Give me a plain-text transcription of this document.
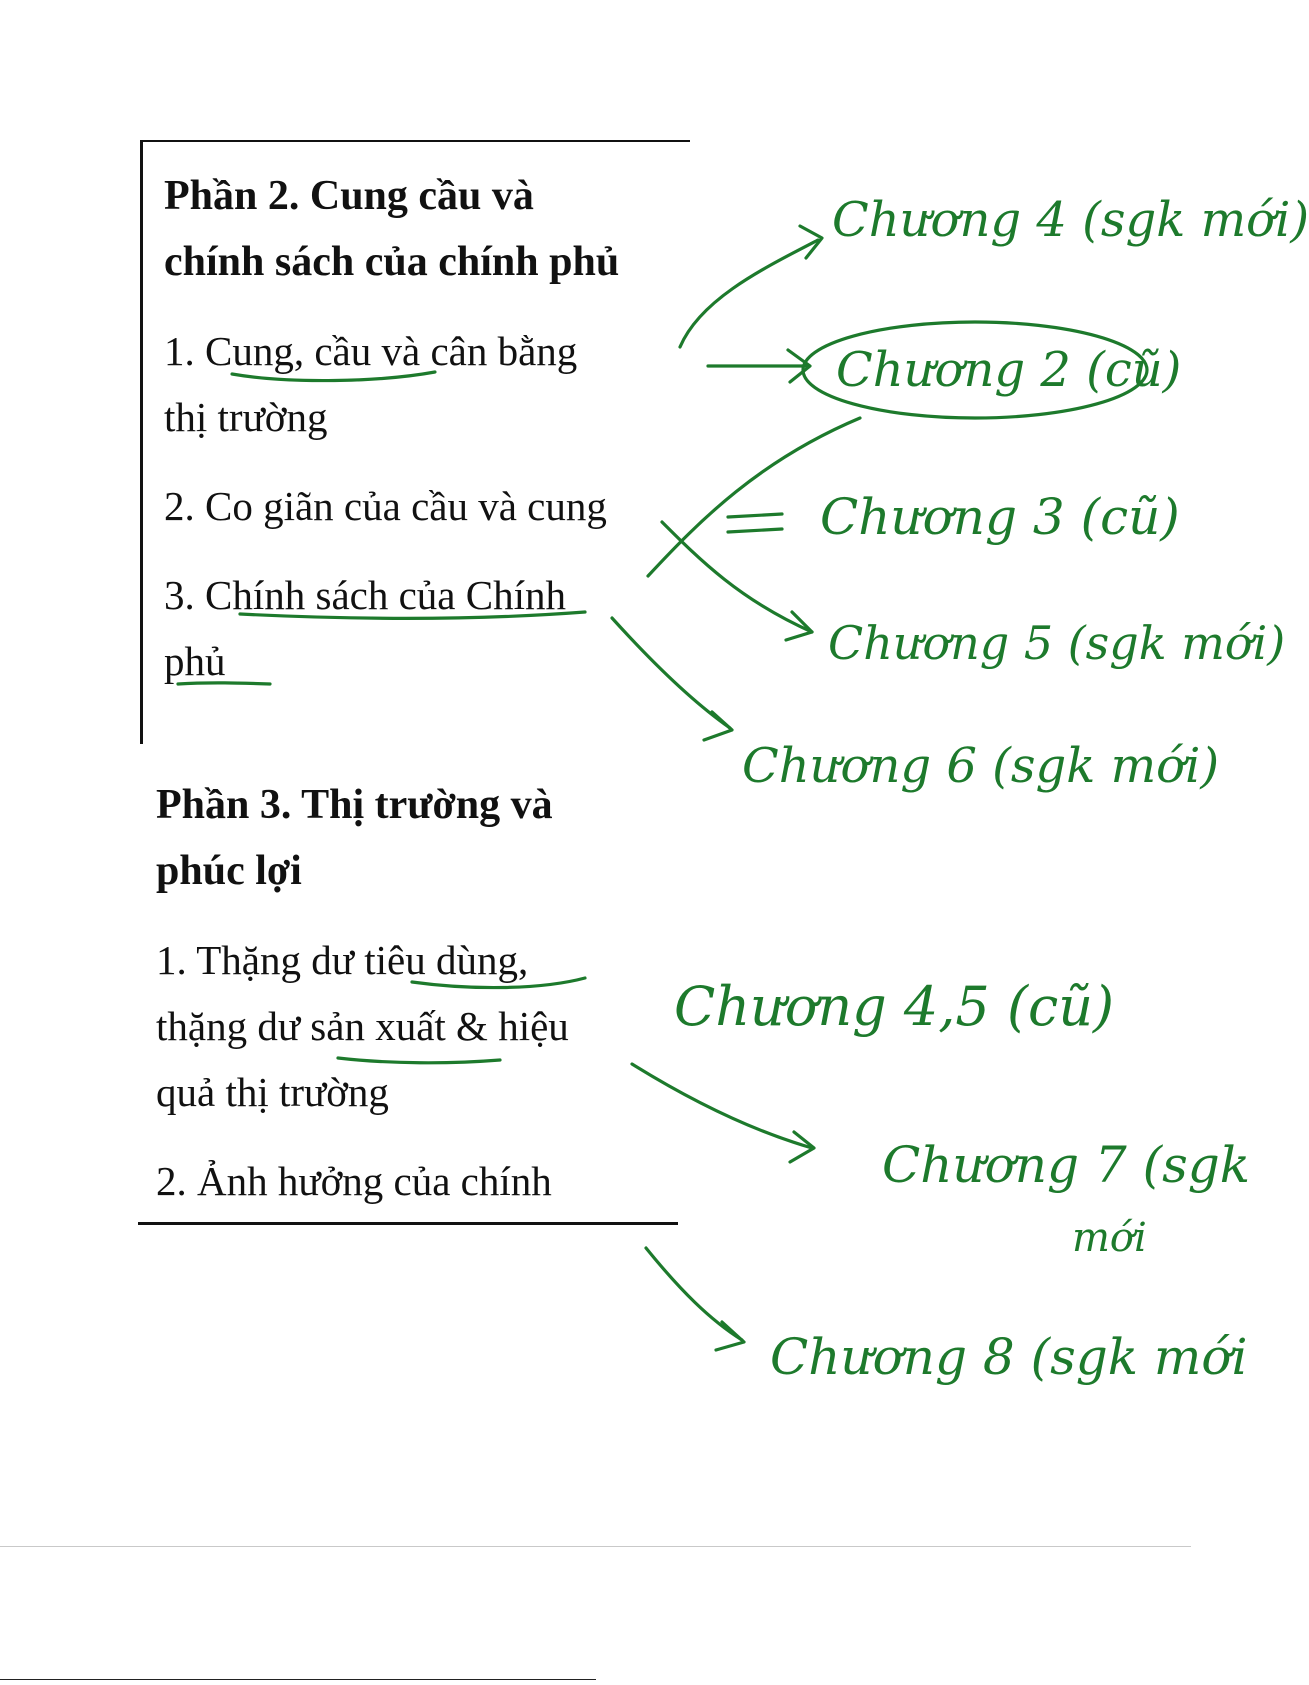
Phần 2. Cung cầu và
chính sách của chính phủ
1. Cung, cầu và cân bằng
thị trường
2. Co giãn của cầu và cung
3. Chính sách của Chính
phủ
Phần 3. Thị trường và
phúc lợi
1. Thặng dư tiêu dùng,
thặng dư sản xuất & hiệu
quả thị trường
2. Ảnh hưởng của chính
Chương 4 (sgk mới)
Chương 2 (cũ)
Chương 3 (cũ)
Chương 5 (sgk mới)
Chương 6 (sgk mới)
Chương 4,5 (cũ)
Chương 7 (sgk
mới
Chương 8 (sgk mới
